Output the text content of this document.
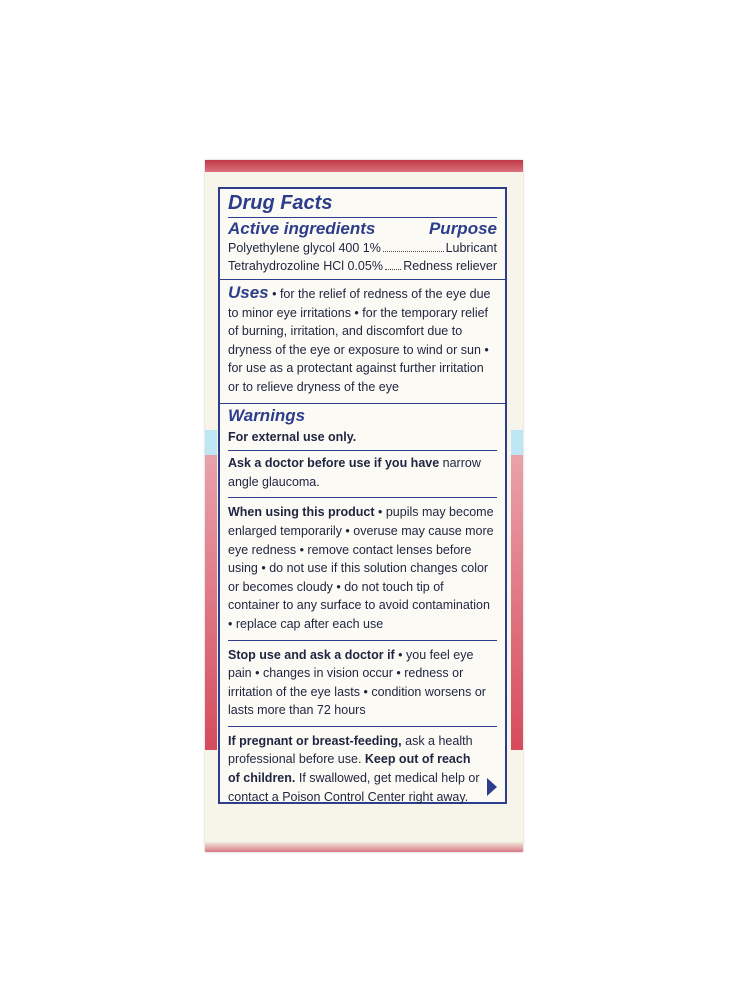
Drug Facts
Active ingredients	Purpose
Polyethylene glycol 400 1%	Lubricant
Tetrahydrozoline HCl 0.05% Redness reliever

Uses • for the relief of redness of the eye due to minor eye irritations • for the temporary relief of burning, irritation, and discomfort due to dryness of the eye or exposure to wind or sun • for use as a protectant against further irritation or to relieve dryness of the eye

Warnings

For external use only.

Ask a doctor before use if you have narrow angle glaucoma.

When using this product • pupils may become enlarged temporarily • overuse may cause more eye redness • remove contact lenses before using • do not use if this solution changes color or becomes cloudy • do not touch tip of container to any surface to avoid contamination • replace cap after each use

Stop use and ask a doctor if • you feel eye pain • changes in vision occur • redness or irritation of the eye lasts • condition worsens or lasts more than 72 hours

If pregnant or breast-feeding, ask a health professional before use. Keep out of reach of children. If swallowed, get medical help or contact a Poison Control Center right away.
